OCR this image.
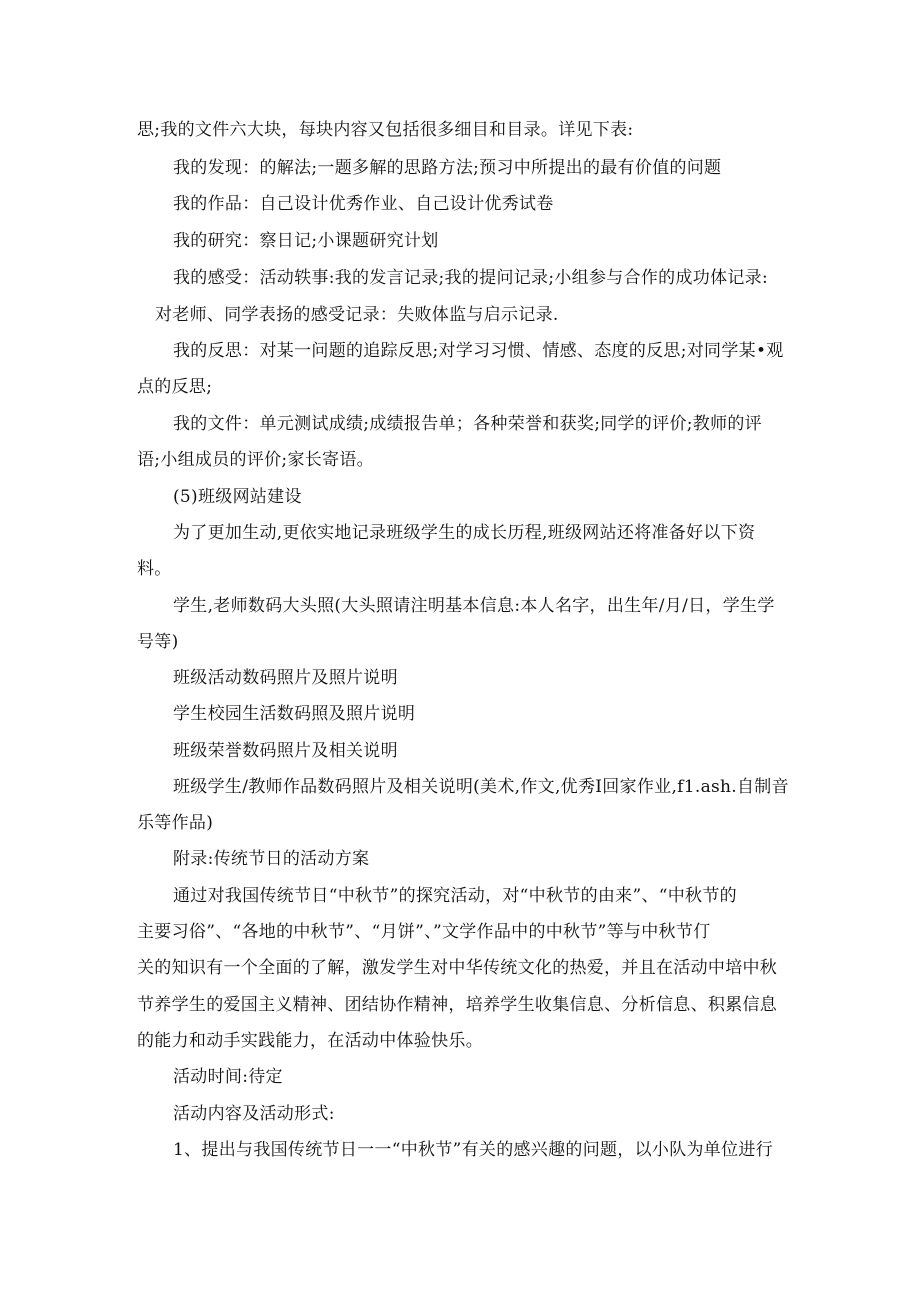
思;我的文件六大块，每块内容又包括很多细目和目录。详见下表:
我的发现：的解法;一题多解的思路方法;预习中所提出的最有价值的问题
我的作品：自己设计优秀作业、自己设计优秀试卷
我的研究：察日记;小课题研究计划
我的感受：活动轶事:我的发言记录;我的提问记录;小组参与合作的成功体记录:
对老师、同学表扬的感受记录：失败体监与启示记录.
我的反思：对某一问题的追踪反思;对学习习惯、情感、态度的反思;对同学某•观
点的反思;
我的文件：单元测试成绩;成绩报告单；各种荣誉和获奖;同学的评价;教师的评
语;小组成员的评价;家长寄语。
(5)班级网站建设
为了更加生动,更依实地记录班级学生的成长历程,班级网站还将准备好以下资
料。
学生,老师数码大头照(大头照请注明基本信息:本人名字，出生年/月/日，学生学
号等)
班级活动数码照片及照片说明
学生校园生活数码照及照片说明
班级荣誉数码照片及相关说明
班级学生/教师作品数码照片及相关说明(美术,作文,优秀I回家作业,f1.ash.自制音
乐等作品)
附录:传统节日的活动方案
通过对我国传统节日“中秋节”的探究活动，对“中秋节的由来”、“中秋节的
主要习俗”、“各地的中秋节”、“月饼”、”文学作品中的中秋节”等与中秋节仃
关的知识有一个全面的了解，激发学生对中华传统文化的热爱，并且在活动中培中秋
节养学生的爱国主义精神、团结协作精神，培养学生收集信息、分析信息、积累信息
的能力和动手实践能力，在活动中体验快乐。
活动时间:待定
活动内容及活动形式:
1、提出与我国传统节日一一“中秋节”有关的感兴趣的问题，以小队为单位进行
